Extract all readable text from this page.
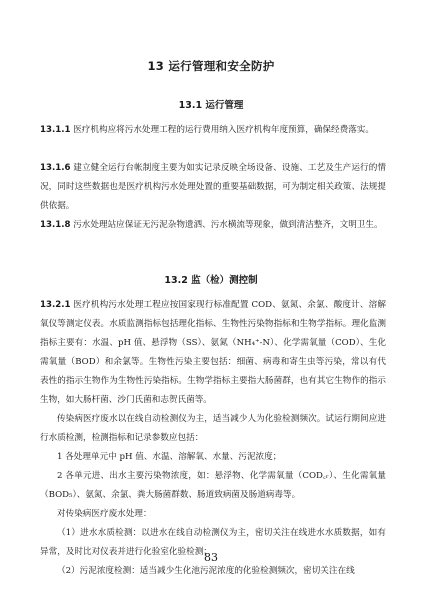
13 运行管理和安全防护
13.1 运行管理
13.1.1 医疗机构应将污水处理工程的运行费用纳入医疗机构年度预算，确保经费落实。
13.1.6 建立健全运行台帐制度主要为如实记录反映全场设备、设施、工艺及生产运行的情况，同时这些数据也是医疗机构污水处理处置的重要基础数据，可为制定相关政策、法规提供依据。
13.1.8 污水处理站应保证无污泥杂物遗洒、污水横流等现象，做到清洁整齐，文明卫生。
13.2 监（检）测控制
13.2.1 医疗机构污水处理工程应按国家现行标准配置 COD、氨氮、余氯、酸度计、溶解氧仪等测定仪表。水质监测指标包括理化指标、生物性污染物指标和生物学指标。理化监测指标主要有：水温、pH 值、悬浮物（SS）、氨氮（NH₄⁺-N）、化学需氧量（COD）、生化需氧量（BOD）和余氯等。生物性污染主要包括：细菌、病毒和寄生虫等污染，常以有代表性的指示生物作为生物性污染指标。生物学指标主要指大肠菌群，也有其它生物作的指示生物，如大肠杆菌、沙门氏菌和志贺氏菌等。
传染病医疗废水以在线自动检测仪为主，适当减少人为化验检测频次。试运行期间应进行水质检测，检测指标和记录参数应包括：
1 各处理单元中 pH 值、水温、溶解氧、水量、污泥浓度；
2 各单元进、出水主要污染物浓度，如：悬浮物、化学需氧量（COD꜀ᵣ）、生化需氧量（BOD₅）、氨氮、余氯、粪大肠菌群数、肠道致病菌及肠道病毒等。
对传染病医疗废水处理：
（1）进水水质检测：以进水在线自动检测仪为主，密切关注在线进水水质数据，如有异常，及时比对仪表并进行化验室化验检测；
（2）污泥浓度检测：适当减少生化池污泥浓度的化验检测频次，密切关注在线
83
